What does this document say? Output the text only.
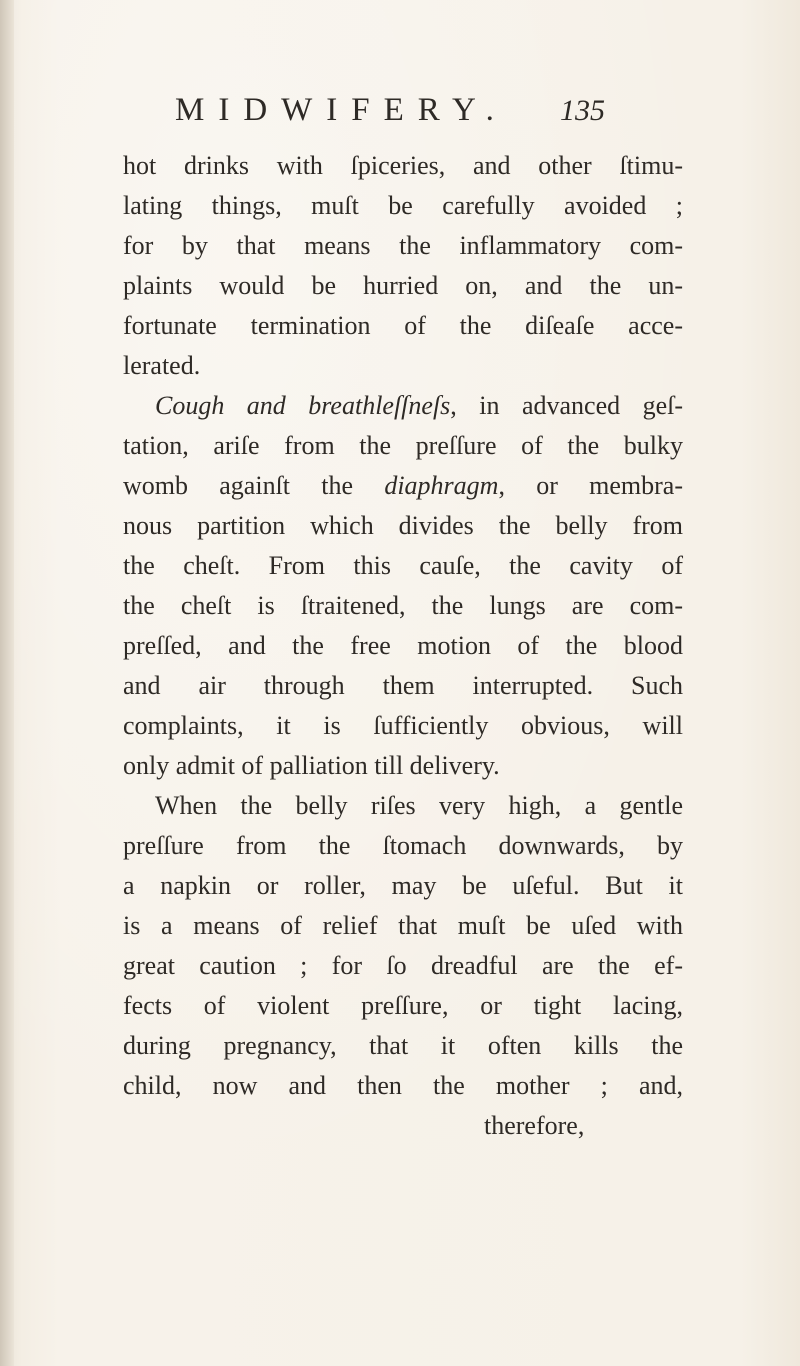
MIDWIFERY.	135
hot drinks with ſpiceries, and other ſtimu-
lating things, muſt be carefully avoided ;
for by that means the inflammatory com-
plaints would be hurried on, and the un-
fortunate termination of the diſeaſe acce-
lerated.
Cough and breathleſſneſs, in advanced geſ-
tation, ariſe from the preſſure of the bulky
womb againſt the diaphragm, or membra-
nous partition which divides the belly from
the cheſt. From this cauſe, the cavity of
the cheſt is ſtraitened, the lungs are com-
preſſed, and the free motion of the blood
and air through them interrupted. Such
complaints, it is ſufficiently obvious, will
only admit of palliation till delivery.
When the belly riſes very high, a gentle
preſſure from the ſtomach downwards, by
a napkin or roller, may be uſeful. But it
is a means of relief that muſt be uſed with
great caution ; for ſo dreadful are the ef-
fects of violent preſſure, or tight lacing,
during pregnancy, that it often kills the
child, now and then the mother ; and,
therefore,
